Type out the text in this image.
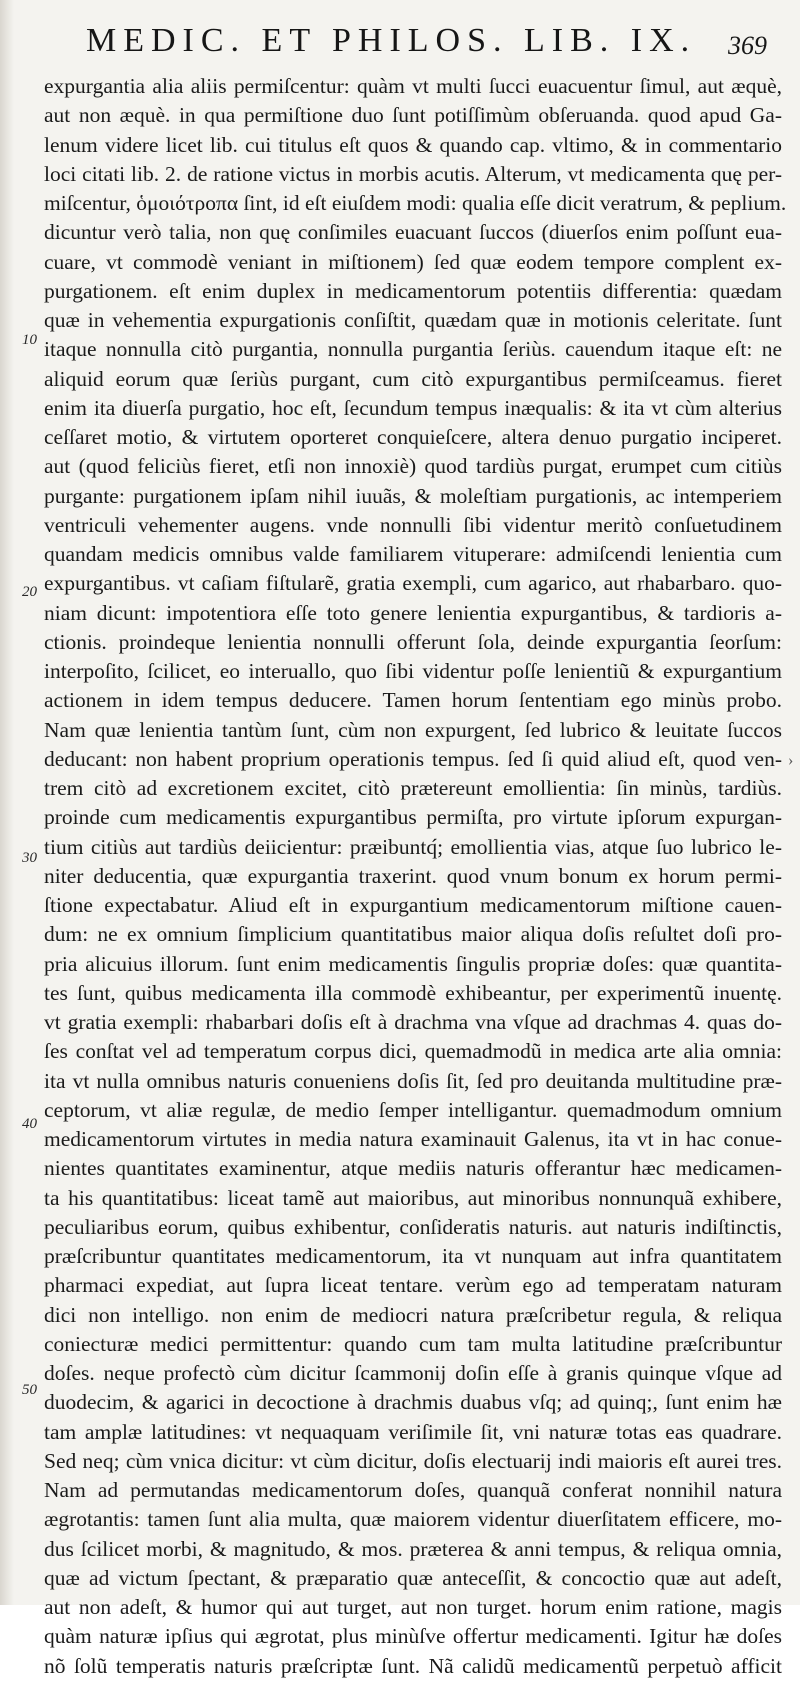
MEDIC. ET PHILOS. LIB. IX. 369
10
20
30
40
50
›
expurgantia alia aliis permiſcentur: quàm vt multi ſucci euacuentur ſimul, aut æquè,
aut non æquè. in qua permiſtione duo ſunt potiſſimùm obſeruanda. quod apud Ga-
lenum videre licet lib. cui titulus eſt quos & quando cap. vltimo, & in commentario
loci citati lib. 2. de ratione victus in morbis acutis. Alterum, vt medicamenta quę per-
miſcentur, ὁμοιότροπα ſint, id eſt eiuſdem modi: qualia eſſe dicit veratrum, & peplium.
dicuntur verò talia, non quę conſimiles euacuant ſuccos (diuerſos enim poſſunt eua-
cuare, vt commodè veniant in miſtionem) ſed quæ eodem tempore complent ex-
purgationem. eſt enim duplex in medicamentorum potentiis differentia: quædam
quæ in vehementia expurgationis conſiſtit, quædam quæ in motionis celeritate. ſunt
itaque nonnulla citò purgantia, nonnulla purgantia ſeriùs. cauendum itaque eſt: ne
aliquid eorum quæ ſeriùs purgant, cum citò expurgantibus permiſceamus. fieret
enim ita diuerſa purgatio, hoc eſt, ſecundum tempus inæqualis: & ita vt cùm alterius
ceſſaret motio, & virtutem oporteret conquieſcere, altera denuo purgatio inciperet.
aut (quod feliciùs fieret, etſi non innoxiè) quod tardiùs purgat, erumpet cum citiùs
purgante: purgationem ipſam nihil iuuãs, & moleſtiam purgationis, ac intemperiem
ventriculi vehementer augens. vnde nonnulli ſibi videntur meritò conſuetudinem
quandam medicis omnibus valde familiarem vituperare: admiſcendi lenientia cum
expurgantibus. vt caſiam fiſtularẽ, gratia exempli, cum agarico, aut rhabarbaro. quo-
niam dicunt: impotentiora eſſe toto genere lenientia expurgantibus, & tardioris a-
ctionis. proindeque lenientia nonnulli offerunt ſola, deinde expurgantia ſeorſum:
interpoſito, ſcilicet, eo interuallo, quo ſibi videntur poſſe lenientiũ & expurgantium
actionem in idem tempus deducere. Tamen horum ſententiam ego minùs probo.
Nam quæ lenientia tantùm ſunt, cùm non expurgent, ſed lubrico & leuitate ſuccos
deducant: non habent proprium operationis tempus. ſed ſi quid aliud eſt, quod ven-
trem citò ad excretionem excitet, citò prætereunt emollientia: ſin minùs, tardiùs.
proinde cum medicamentis expurgantibus permiſta, pro virtute ipſorum expurgan-
tium citiùs aut tardiùs deiicientur: præibuntq́; emollientia vias, atque ſuo lubrico le-
niter deducentia, quæ expurgantia traxerint. quod vnum bonum ex horum permi-
ſtione expectabatur. Aliud eſt in expurgantium medicamentorum miſtione cauen-
dum: ne ex omnium ſimplicium quantitatibus maior aliqua doſis reſultet doſi pro-
pria alicuius illorum. ſunt enim medicamentis ſingulis propriæ doſes: quæ quantita-
tes ſunt, quibus medicamenta illa commodè exhibeantur, per experimentũ inuentę.
vt gratia exempli: rhabarbari doſis eſt à drachma vna vſque ad drachmas 4. quas do-
ſes conſtat vel ad temperatum corpus dici, quemadmodũ in medica arte alia omnia:
ita vt nulla omnibus naturis conueniens doſis ſit, ſed pro deuitanda multitudine præ-
ceptorum, vt aliæ regulæ, de medio ſemper intelligantur. quemadmodum omnium
medicamentorum virtutes in media natura examinauit Galenus, ita vt in hac conue-
nientes quantitates examinentur, atque mediis naturis offerantur hæc medicamen-
ta his quantitatibus: liceat tamẽ aut maioribus, aut minoribus nonnunquã exhibere,
peculiaribus eorum, quibus exhibentur, conſideratis naturis. aut naturis indiſtinctis,
præſcribuntur quantitates medicamentorum, ita vt nunquam aut infra quantitatem
pharmaci expediat, aut ſupra liceat tentare. verùm ego ad temperatam naturam
dici non intelligo. non enim de mediocri natura præſcribetur regula, & reliqua
coniecturæ medici permittentur: quando cum tam multa latitudine præſcribuntur
doſes. neque profectò cùm dicitur ſcammonij doſin eſſe à granis quinque vſque ad
duodecim, & agarici in decoctione à drachmis duabus vſq; ad quinq;, ſunt enim hæ
tam amplæ latitudines: vt nequaquam veriſimile ſit, vni naturæ totas eas quadrare.
Sed neq; cùm vnica dicitur: vt cùm dicitur, doſis electuarij indi maioris eſt aurei tres.
Nam ad permutandas medicamentorum doſes, quanquã conferat nonnihil natura
ægrotantis: tamen ſunt alia multa, quæ maiorem videntur diuerſitatem efficere, mo-
dus ſcilicet morbi, & magnitudo, & mos. præterea & anni tempus, & reliqua omnia,
quæ ad victum ſpectant, & præparatio quæ anteceſſit, & concoctio quæ aut adeſt,
aut non adeſt, & humor qui aut turget, aut non turget. horum enim ratione, magis
quàm naturæ ipſius qui ægrotat, plus minùſve offertur medicamenti. Igitur hæ doſes
nõ ſolũ temperatis naturis præſcriptæ ſunt. Nã calidũ medicamentũ perpetuò afficit
